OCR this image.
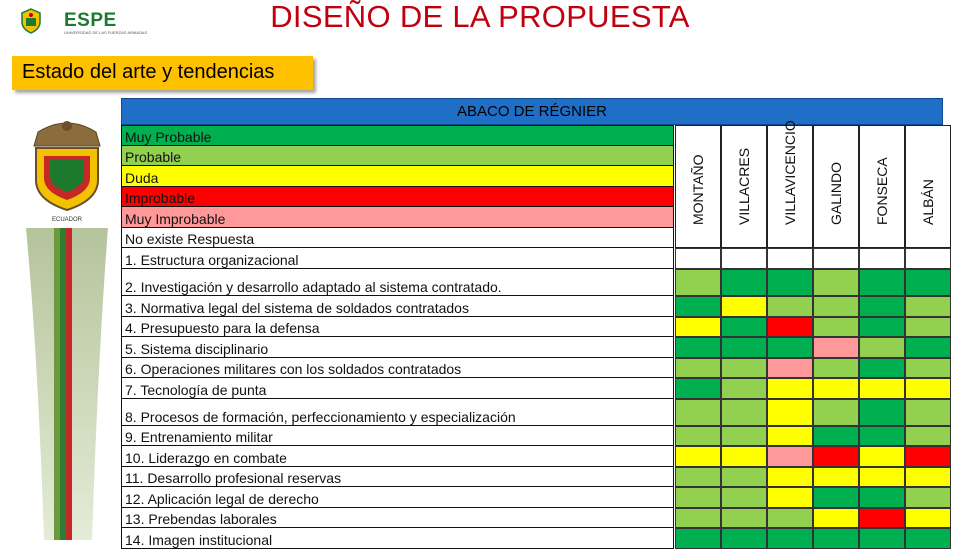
ESPE
UNIVERSIDAD DE LAS FUERZAS ARMADAS	DISEÑO DE LA PROPUESTA
Estado del arte y tendencias
ECUADOR
ABACO DE RÉGNIER
MONTAÑO VILLACRES VILLAVICENCIO GALINDO FONSECA ALBÁN
Muy Probable
Probable
Duda
Improbable
Muy Improbable
No existe Respuesta
1. Estructura organizacional
2. Investigación y desarrollo adaptado al sistema contratado.
3. Normativa legal del sistema de soldados contratados
4. Presupuesto para la defensa
5. Sistema disciplinario
6. Operaciones militares con los soldados contratados
7. Tecnología de punta
8. Procesos de formación, perfeccionamiento y especialización
9. Entrenamiento militar
10. Liderazgo en combate
11. Desarrollo profesional reservas
12. Aplicación legal de derecho
13. Prebendas laborales
14. Imagen institucional
